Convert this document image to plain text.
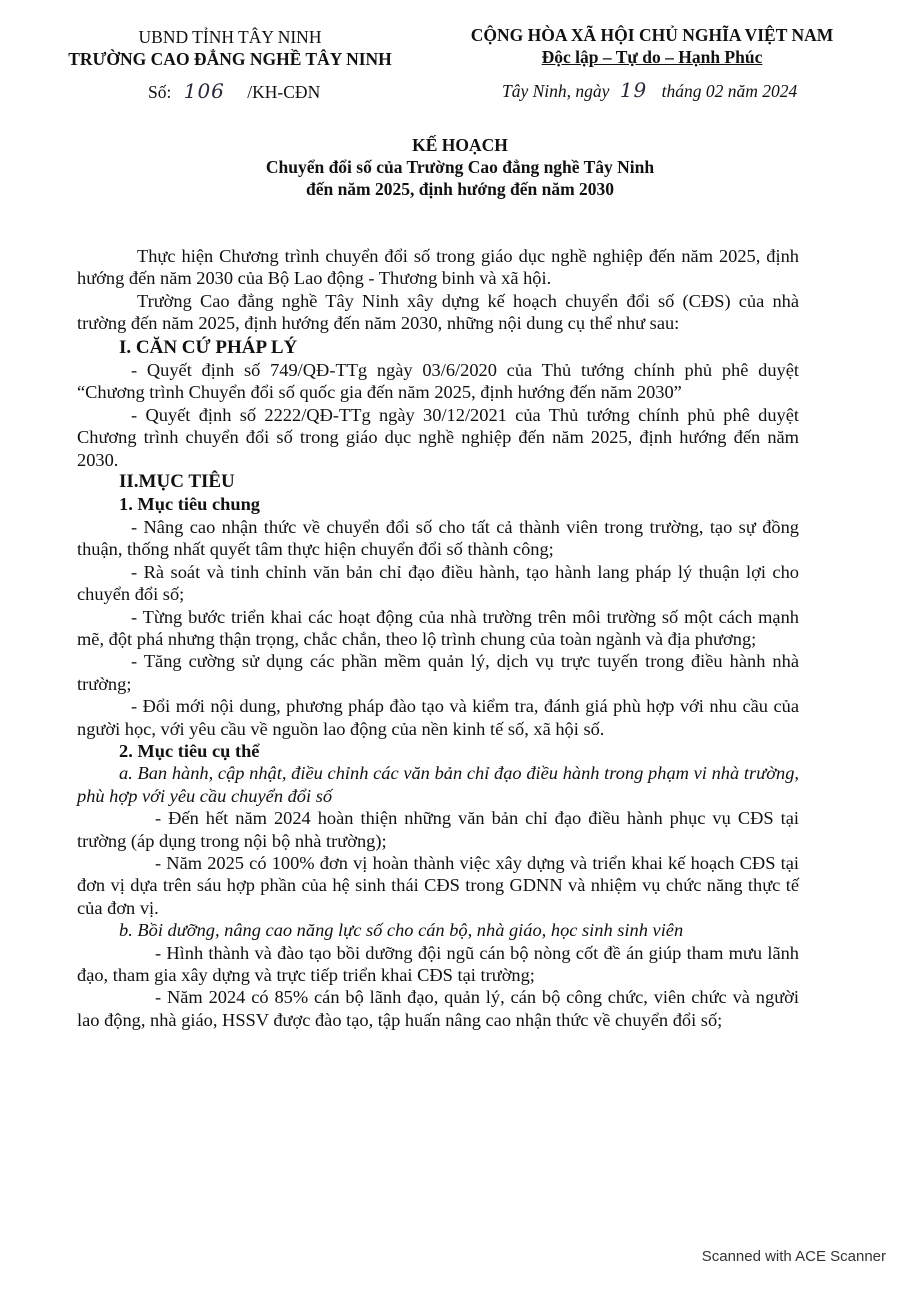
UBND TỈNH TÂY NINH
TRƯỜNG CAO ĐẲNG NGHỀ TÂY NINH
CỘNG HÒA XÃ HỘI CHỦ NGHĨA VIỆT NAM
Độc lập – Tự do – Hạnh Phúc
Số: 106 /KH-CĐN	Tây Ninh, ngày 19 tháng 02 năm 2024
KẾ HOẠCH
Chuyển đổi số của Trường Cao đẳng nghề Tây Ninh
đến năm 2025, định hướng đến năm 2030

Thực hiện Chương trình chuyển đổi số trong giáo dục nghề nghiệp đến năm 2025, định hướng đến năm 2030 của Bộ Lao động - Thương binh và xã hội.

Trường Cao đẳng nghề Tây Ninh xây dựng kế hoạch chuyển đổi số (CĐS) của nhà trường đến năm 2025, định hướng đến năm 2030, những nội dung cụ thể như sau:

I. CĂN CỨ PHÁP LÝ

- Quyết định số 749/QĐ-TTg ngày 03/6/2020 của Thủ tướng chính phủ phê duyệt “Chương trình Chuyển đổi số quốc gia đến năm 2025, định hướng đến năm 2030”

- Quyết định số 2222/QĐ-TTg ngày 30/12/2021 của Thủ tướng chính phủ phê duyệt Chương trình chuyển đổi số trong giáo dục nghề nghiệp đến năm 2025, định hướng đến năm 2030.

II.MỤC TIÊU

1. Mục tiêu chung

- Nâng cao nhận thức về chuyển đổi số cho tất cả thành viên trong trường, tạo sự đồng thuận, thống nhất quyết tâm thực hiện chuyển đổi số thành công;

- Rà soát và tinh chỉnh văn bản chỉ đạo điều hành, tạo hành lang pháp lý thuận lợi cho chuyển đổi số;

- Từng bước triển khai các hoạt động của nhà trường trên môi trường số một cách mạnh mẽ, đột phá nhưng thận trọng, chắc chắn, theo lộ trình chung của toàn ngành và địa phương;

- Tăng cường sử dụng các phần mềm quản lý, dịch vụ trực tuyến trong điều hành nhà trường;

- Đổi mới nội dung, phương pháp đào tạo và kiểm tra, đánh giá phù hợp với nhu cầu của người học, với yêu cầu về nguồn lao động của nền kinh tế số, xã hội số.

2. Mục tiêu cụ thể

a. Ban hành, cập nhật, điều chỉnh các văn bản chỉ đạo điều hành trong phạm vi nhà trường, phù hợp với yêu cầu chuyển đổi số

- Đến hết năm 2024 hoàn thiện những văn bản chỉ đạo điều hành phục vụ CĐS tại trường (áp dụng trong nội bộ nhà trường);

- Năm 2025 có 100% đơn vị hoàn thành việc xây dựng và triển khai kế hoạch CĐS tại đơn vị dựa trên sáu hợp phần của hệ sinh thái CĐS trong GDNN và nhiệm vụ chức năng thực tế của đơn vị.

b. Bồi dưỡng, nâng cao năng lực số cho cán bộ, nhà giáo, học sinh sinh viên

- Hình thành và đào tạo bồi dưỡng đội ngũ cán bộ nòng cốt đề án giúp tham mưu lãnh đạo, tham gia xây dựng và trực tiếp triển khai CĐS tại trường;

- Năm 2024 có 85% cán bộ lãnh đạo, quản lý, cán bộ công chức, viên chức và người lao động, nhà giáo, HSSV được đào tạo, tập huấn nâng cao nhận thức về chuyển đổi số;

Scanned with ACE Scanner
